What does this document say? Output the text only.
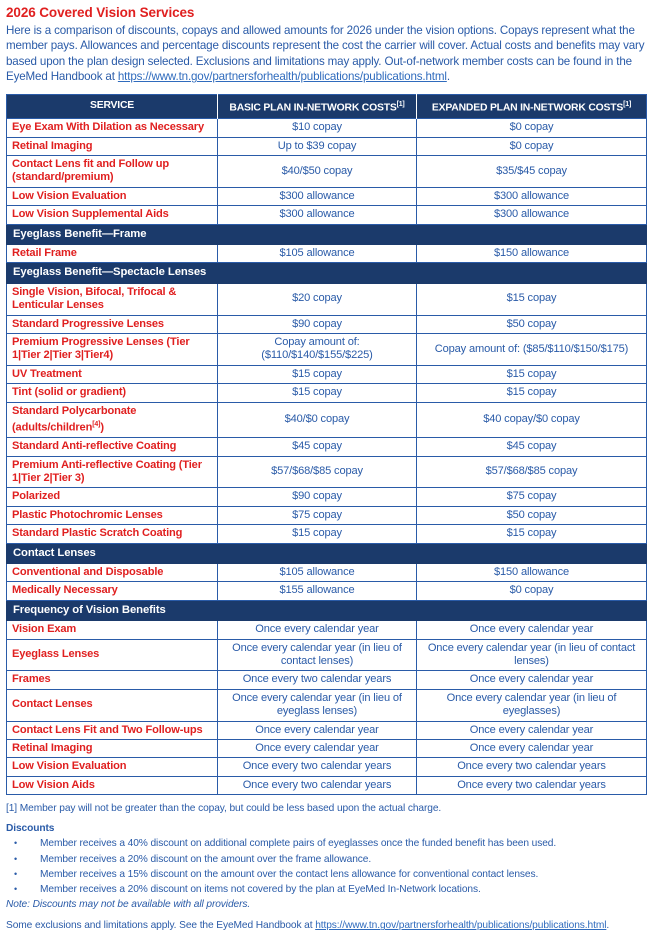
2026 Covered Vision Services
Here is a comparison of discounts, copays and allowed amounts for 2026 under the vision options. Copays represent what the member pays. Allowances and percentage discounts represent the cost the carrier will cover. Actual costs and benefits may vary based upon the plan design selected. Exclusions and limitations may apply. Out-of-network member costs can be found in the EyeMed Handbook at https://www.tn.gov/partnersforhealth/publications/publications.html.
SERVICE	BASIC PLAN IN-NETWORK COSTS[1]	EXPANDED PLAN IN-NETWORK COSTS[1]
Eye Exam With Dilation as Necessary	$10 copay	$0 copay
Retinal Imaging	Up to $39 copay	$0 copay
Contact Lens fit and Follow up (standard/premium)	$40/$50 copay	$35/$45 copay
Low Vision Evaluation	$300 allowance	$300 allowance
Low Vision Supplemental Aids	$300 allowance	$300 allowance
Eyeglass Benefit—Frame		
Retail Frame	$105 allowance	$150 allowance
Eyeglass Benefit—Spectacle Lenses		
Single Vision, Bifocal, Trifocal & Lenticular Lenses	$20 copay	$15 copay
Standard Progressive Lenses	$90 copay	$50 copay
Premium Progressive Lenses (Tier 1|Tier 2|Tier 3|Tier4)	Copay amount of: ($110/$140/$155/$225)	Copay amount of: ($85/$110/$150/$175)
UV Treatment	$15 copay	$15 copay
Tint (solid or gradient)	$15 copay	$15 copay
Standard Polycarbonate (adults/children[4])	$40/$0 copay	$40 copay/$0 copay
Standard Anti-reflective Coating	$45 copay	$45 copay
Premium Anti-reflective Coating (Tier 1|Tier 2|Tier 3)	$57/$68/$85 copay	$57/$68/$85 copay
Polarized	$90 copay	$75 copay
Plastic Photochromic Lenses	$75 copay	$50 copay
Standard Plastic Scratch Coating	$15 copay	$15 copay
Contact Lenses		
Conventional and Disposable	$105 allowance	$150 allowance
Medically Necessary	$155 allowance	$0 copay
Frequency of Vision Benefits		
Vision Exam	Once every calendar year	Once every calendar year
Eyeglass Lenses	Once every calendar year (in lieu of contact lenses)	Once every calendar year (in lieu of contact lenses)
Frames	Once every two calendar years	Once every calendar year
Contact Lenses	Once every calendar year (in lieu of eyeglass lenses)	Once every calendar year (in lieu of eyeglasses)
Contact Lens Fit and Two Follow-ups	Once every calendar year	Once every calendar year
Retinal Imaging	Once every calendar year	Once every calendar year
Low Vision Evaluation	Once every two calendar years	Once every two calendar years
Low Vision Aids	Once every two calendar years	Once every two calendar years
[1] Member pay will not be greater than the copay, but could be less based upon the actual charge.
Discounts
•	Member receives a 40% discount on additional complete pairs of eyeglasses once the funded benefit has been used.
•	Member receives a 20% discount on the amount over the frame allowance.
•	Member receives a 15% discount on the amount over the contact lens allowance for conventional contact lenses.
•	Member receives a 20% discount on items not covered by the plan at EyeMed In-Network locations.
Note: Discounts may not be available with all providers.
Some exclusions and limitations apply. See the EyeMed Handbook at https://www.tn.gov/partnersforhealth/publications/publications.html.
